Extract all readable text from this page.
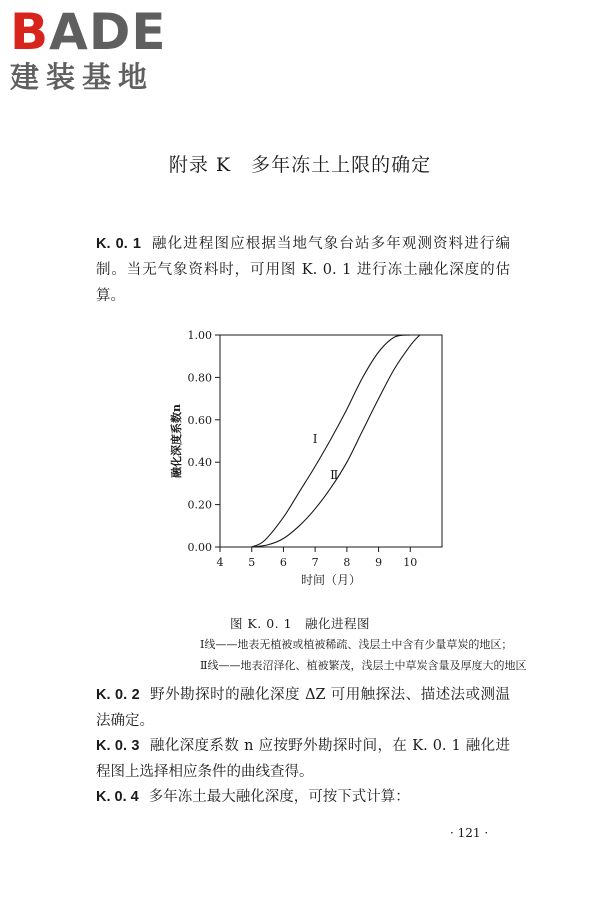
BADE
建装基地
附录 K　多年冻土上限的确定

K. 0. 1 融化进程图应根据当地气象台站多年观测资料进行编制。当无气象资料时，可用图 K. 0. 1 进行冻土融化深度的估算。

4 5 6 7 8 9 10
0.00
0.20
0.40
0.60
0.80
1.00
Ⅰ
Ⅱ
时间（月）
融化深度系数n
图 K. 0. 1　融化进程图
Ⅰ线——地表无植被或植被稀疏、浅层土中含有少量草炭的地区；
Ⅱ线——地表沼泽化、植被繁茂，浅层土中草炭含量及厚度大的地区

K. 0. 2 野外勘探时的融化深度 ΔZ 可用触探法、描述法或测温法确定。

K. 0. 3 融化深度系数 n 应按野外勘探时间，在 K. 0. 1 融化进程图上选择相应条件的曲线查得。

K. 0. 4 多年冻土最大融化深度，可按下式计算：

· 121 ·
